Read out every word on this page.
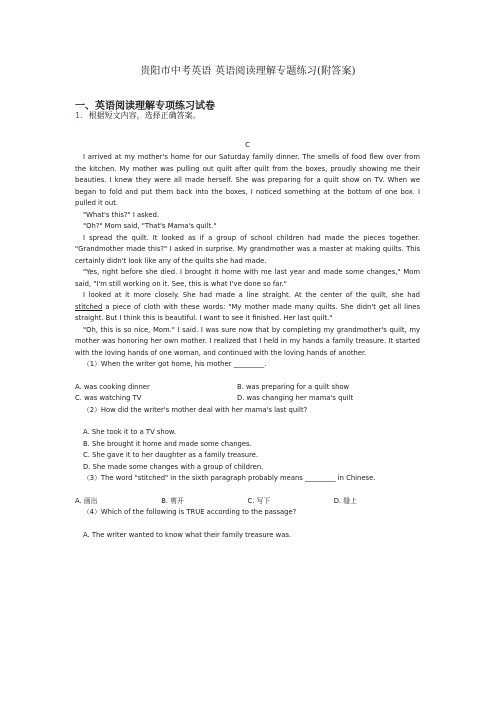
贵阳市中考英语 英语阅读理解专题练习(附答案)
一、英语阅读理解专项练习试卷
1. 根据短文内容，选择正确答案。
C

I arrived at my mother's home for our Saturday family dinner. The smells of food flew over from the kitchen. My mother was pulling out quilt after quilt from the boxes, proudly showing me their beauties. I knew they were all made herself. She was preparing for a quilt show on TV. When we began to fold and put them back into the boxes, I noticed something at the bottom of one box. I pulled it out.

"What's this?" I asked.

"Oh?" Mom said, "That's Mama's quilt."

I spread the quilt. It looked as if a group of school children had made the pieces together. "Grandmother made this?" I asked in surprise. My grandmother was a master at making quilts. This certainly didn't look like any of the quilts she had made.

"Yes, right before she died. I brought it home with me last year and made some changes," Mom said, "I'm still working on it. See, this is what I've done so far."

I looked at it more closely. She had made a line straight. At the center of the quilt, she had stitched a piece of cloth with these words: "My mother made many quilts. She didn't get all lines straight. But I think this is beautiful. I want to see it finished. Her last quilt."

"Oh, this is so nice, Mom." I said. I was sure now that by completing my grandmother's quilt, my mother was honoring her own mother. I realized that I held in my hands a family treasure. It started with the loving hands of one woman, and continued with the loving hands of another.

（1）When the writer got home, his mother _________.

A. was cooking dinner	B. was preparing for a quilt show
C. was watching TV	D. was changing her mama's quilt

（2）How did the writer's mother deal with her mama's last quilt?

A. She took it to a TV show.

B. She brought it home and made some changes.

C. She gave it to her daughter as a family treasure.

D. She made some changes with a group of children.

（3）The word "stitched" in the sixth paragraph probably means _________ in Chinese.

A. 画出	B. 剪开	C. 写下	D. 缝上

（4）Which of the following is TRUE according to the passage?

A. The writer wanted to know what their family treasure was.
